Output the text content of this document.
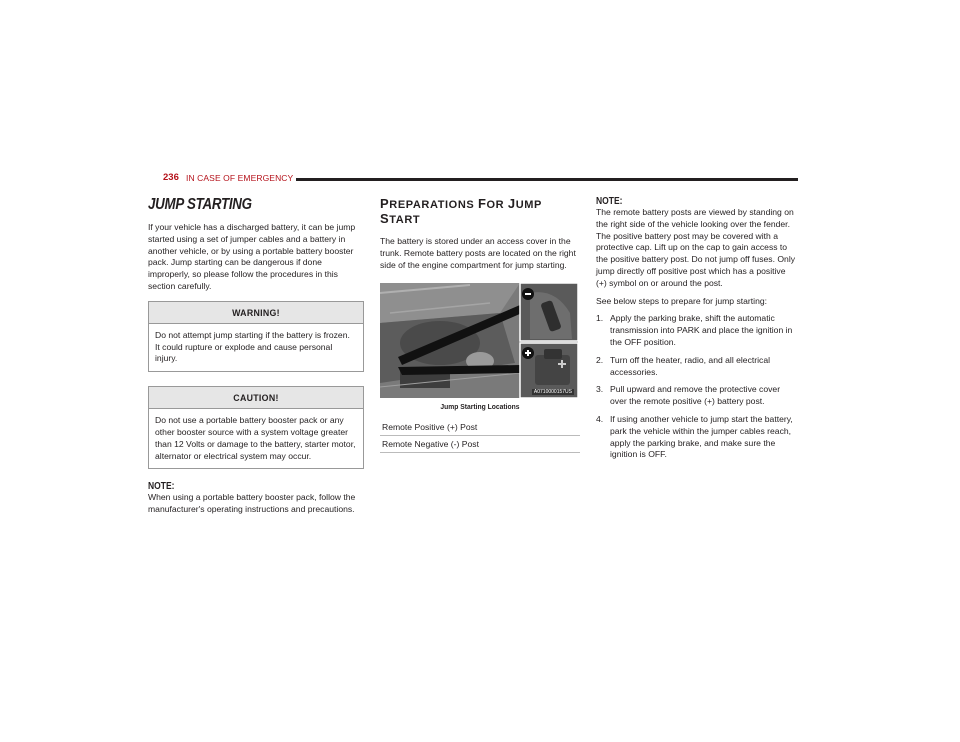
236 IN CASE OF EMERGENCY
JUMP STARTING

If your vehicle has a discharged battery, it can be jump started using a set of jumper cables and a battery in another vehicle, or by using a portable battery booster pack. Jump starting can be dangerous if done improperly, so please follow the procedures in this section carefully.

WARNING!
Do not attempt jump starting if the battery is frozen. It could rupture or explode and cause personal injury.
CAUTION!
Do not use a portable battery booster pack or any other booster source with a system voltage greater than 12 Volts or damage to the battery, starter motor, alternator or electrical system may occur.
NOTE:

When using a portable battery booster pack, follow the manufacturer's operating instructions and precautions.

PREPARATIONS FOR JUMP START

The battery is stored under an access cover in the trunk. Remote battery posts are located on the right side of the engine compartment for jump starting.

A0710000157US
Jump Starting Locations
Remote Positive (+) Post
Remote Negative (-) Post
NOTE:

The remote battery posts are viewed by standing on the right side of the vehicle looking over the fender. The positive battery post may be covered with a protective cap. Lift up on the cap to gain access to the positive battery post. Do not jump off fuses. Only jump directly off positive post which has a positive (+) symbol on or around the post.

See below steps to prepare for jump starting:

1. Apply the parking brake, shift the automatic transmission into PARK and place the ignition in the OFF position.
2. Turn off the heater, radio, and all electrical accessories.
3. Pull upward and remove the protective cover over the remote positive (+) battery post.
4. If using another vehicle to jump start the battery, park the vehicle within the jumper cables reach, apply the parking brake, and make sure the ignition is OFF.
